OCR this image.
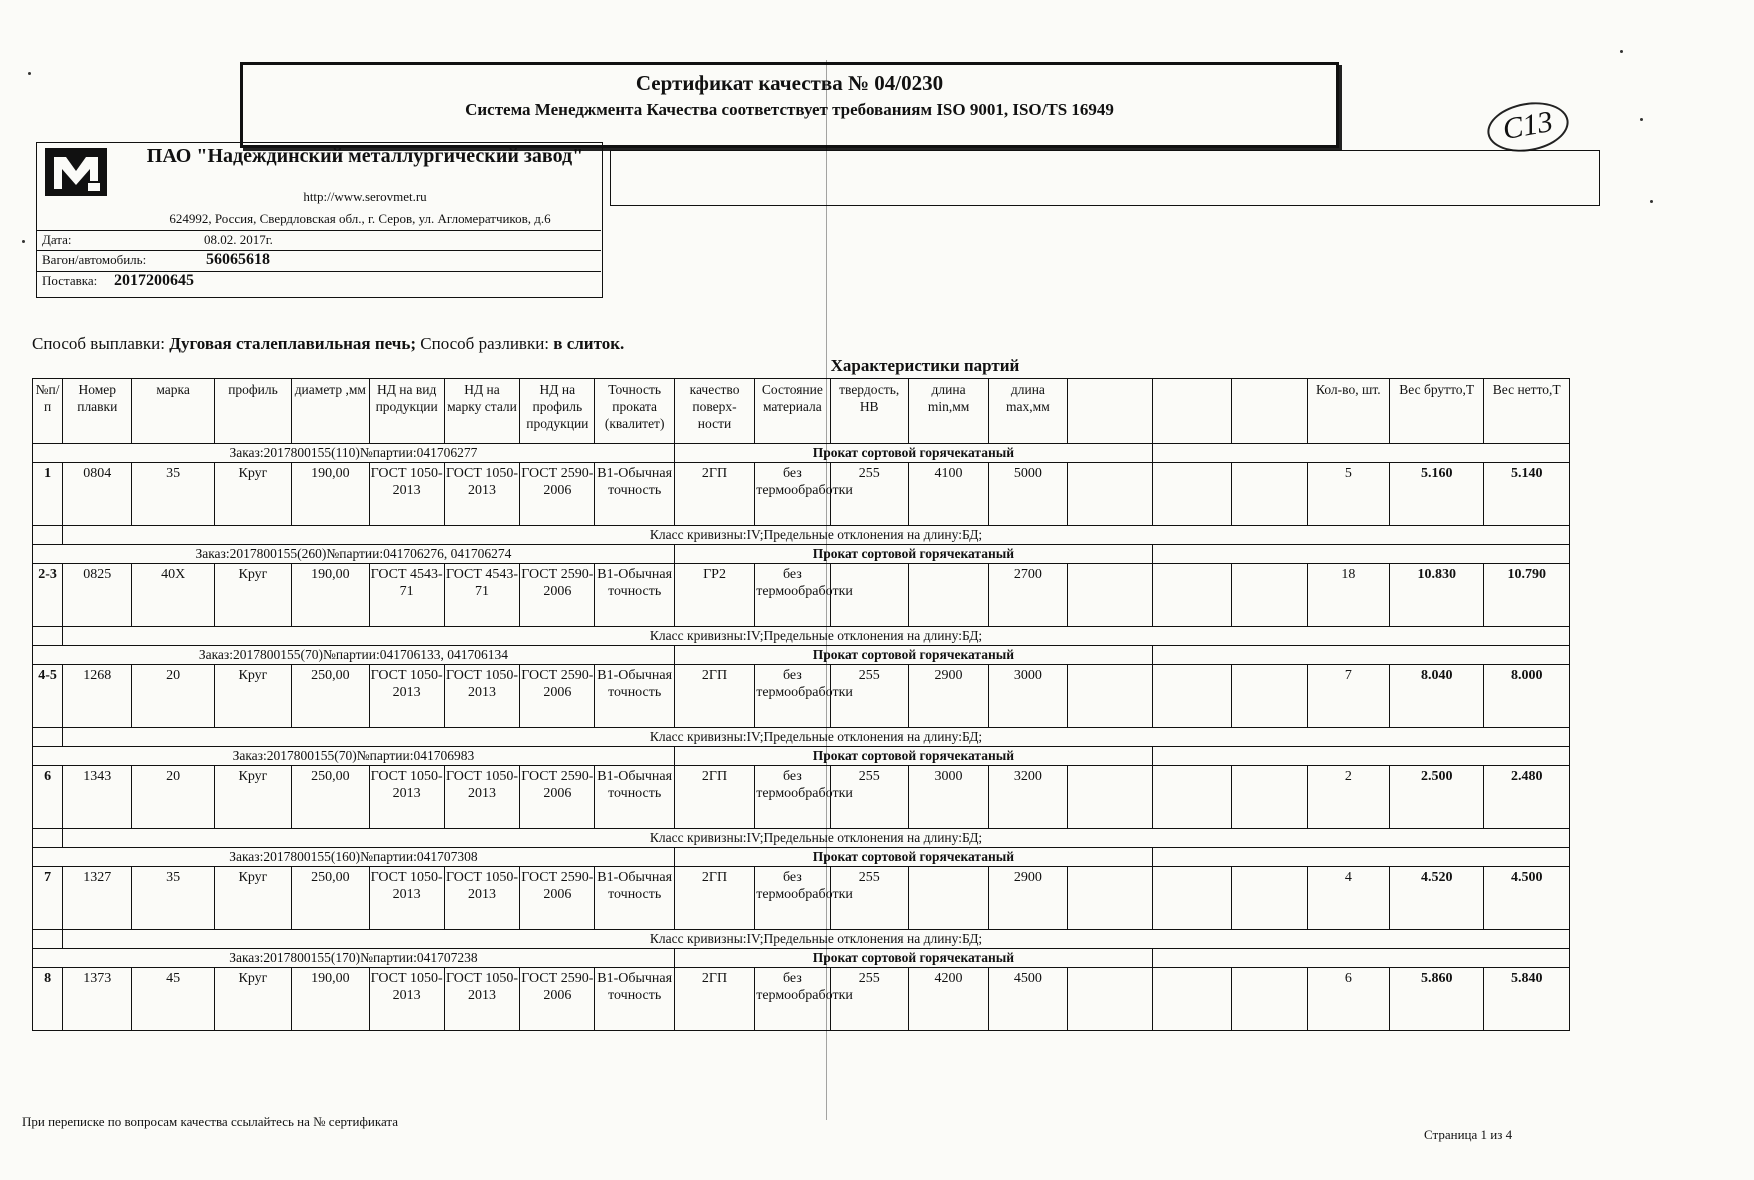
Сертификат качества № 04/0230
Система Менеджмента Качества соответствует требованиям ISO 9001, ISO/TS 16949	С13
ПАО "Надеждинский металлургический завод"
http://www.serovmet.ru
624992, Россия, Свердловская обл., г. Серов, ул. Агломератчиков, д.6
Дата:	08.02. 2017г.
Вагон/автомобиль:	56065618
Поставка: 2017200645
Способ выплавки: Дуговая сталеплавильная печь; Способ разливки: в слиток.
Характеристики партий
№п/п	Номер плавки	марка	профиль	диаметр ,мм	НД на вид продукции	НД на марку стали	НД на профиль продукции	Точность проката (квалитет)	качество поверх-ности	Состояние материала	твердость, НВ	длина min,мм	длина max,мм				Кол-во, шт.	Вес брутто,Т	Вес нетто,Т
Заказ:2017800155(110)№партии:041706277									Прокат сортовой горячекатаный										
1	0804	35	Круг	190,00	ГОСТ 1050-2013	ГОСТ 1050-2013	ГОСТ 2590-2006	В1-Обычная точность	2ГП	без термообработки	255	4100	5000				5	5.160	5.140
	Класс кривизны:IV;Предельные отклонения на длину:БД;																		
Заказ:2017800155(260)№партии:041706276, 041706274									Прокат сортовой горячекатаный										
2-3	0825	40Х	Круг	190,00	ГОСТ 4543-71	ГОСТ 4543-71	ГОСТ 2590-2006	В1-Обычная точность	ГР2	без термообработки			2700				18	10.830	10.790
	Класс кривизны:IV;Предельные отклонения на длину:БД;																		
Заказ:2017800155(70)№партии:041706133, 041706134									Прокат сортовой горячекатаный										
4-5	1268	20	Круг	250,00	ГОСТ 1050-2013	ГОСТ 1050-2013	ГОСТ 2590-2006	В1-Обычная точность	2ГП	без термообработки	255	2900	3000				7	8.040	8.000
	Класс кривизны:IV;Предельные отклонения на длину:БД;																		
Заказ:2017800155(70)№партии:041706983									Прокат сортовой горячекатаный										
6	1343	20	Круг	250,00	ГОСТ 1050-2013	ГОСТ 1050-2013	ГОСТ 2590-2006	В1-Обычная точность	2ГП	без термообработки	255	3000	3200				2	2.500	2.480
	Класс кривизны:IV;Предельные отклонения на длину:БД;																		
Заказ:2017800155(160)№партии:041707308									Прокат сортовой горячекатаный										
7	1327	35	Круг	250,00	ГОСТ 1050-2013	ГОСТ 1050-2013	ГОСТ 2590-2006	В1-Обычная точность	2ГП	без термообработки	255		2900				4	4.520	4.500
	Класс кривизны:IV;Предельные отклонения на длину:БД;																		
Заказ:2017800155(170)№партии:041707238									Прокат сортовой горячекатаный										
8	1373	45	Круг	190,00	ГОСТ 1050-2013	ГОСТ 1050-2013	ГОСТ 2590-2006	В1-Обычная точность	2ГП	без термообработки	255	4200	4500				6	5.860	5.840
При переписке по вопросам качества ссылайтесь на № сертификата
Страница 1 из 4
